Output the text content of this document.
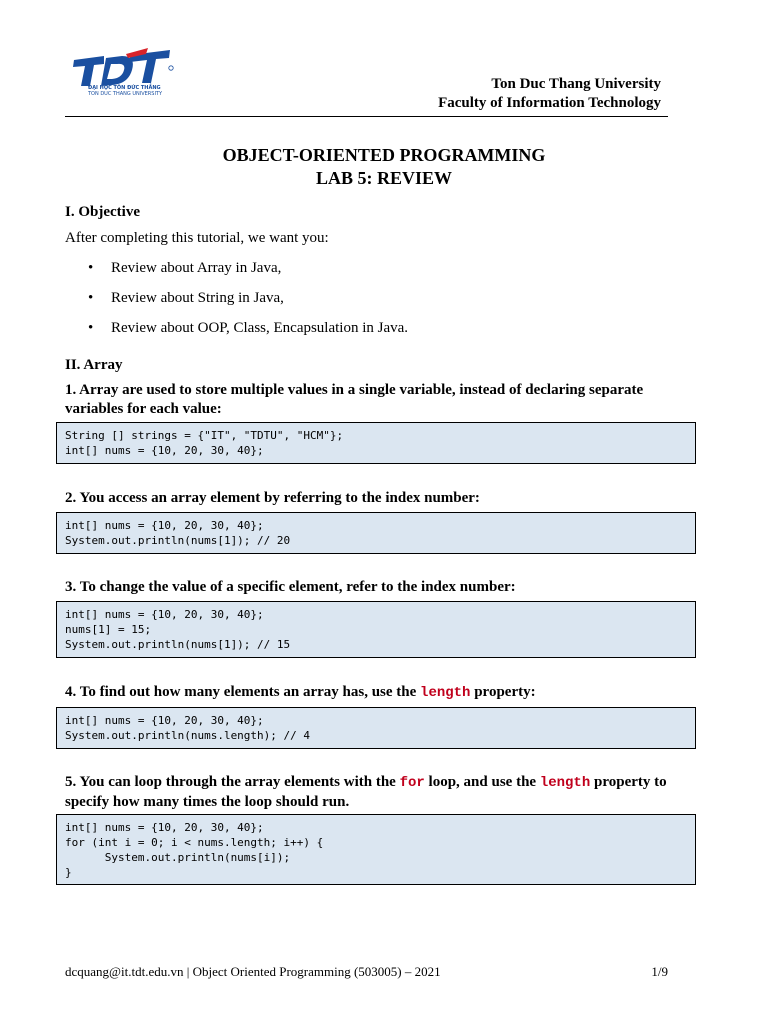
ĐẠI HỌC TÔN ĐỨC THẮNG
TON DUC THANG UNIVERSITY
Ton Duc Thang University
Faculty of Information Technology
OBJECT-ORIENTED PROGRAMMING
LAB 5: REVIEW
I. Objective
After completing this tutorial, we want you:
• Review about Array in Java,
• Review about String in Java,
• Review about OOP, Class, Encapsulation in Java.
II. Array
1. Array are used to store multiple values in a single variable, instead of declaring separate variables for each value:
String [] strings = {"IT", "TDTU", "HCM"};
int[] nums = {10, 20, 30, 40};
2. You access an array element by referring to the index number:
int[] nums = {10, 20, 30, 40};
System.out.println(nums[1]); // 20
3. To change the value of a specific element, refer to the index number:
int[] nums = {10, 20, 30, 40};
nums[1] = 15;
System.out.println(nums[1]); // 15
4. To find out how many elements an array has, use the length property:
int[] nums = {10, 20, 30, 40};
System.out.println(nums.length); // 4
5. You can loop through the array elements with the for loop, and use the length property to specify how many times the loop should run.
int[] nums = {10, 20, 30, 40};
for (int i = 0; i < nums.length; i++) {
System.out.println(nums[i]);
}
dcquang@it.tdt.edu.vn | Object Oriented Programming (503005) – 2021	1/9
